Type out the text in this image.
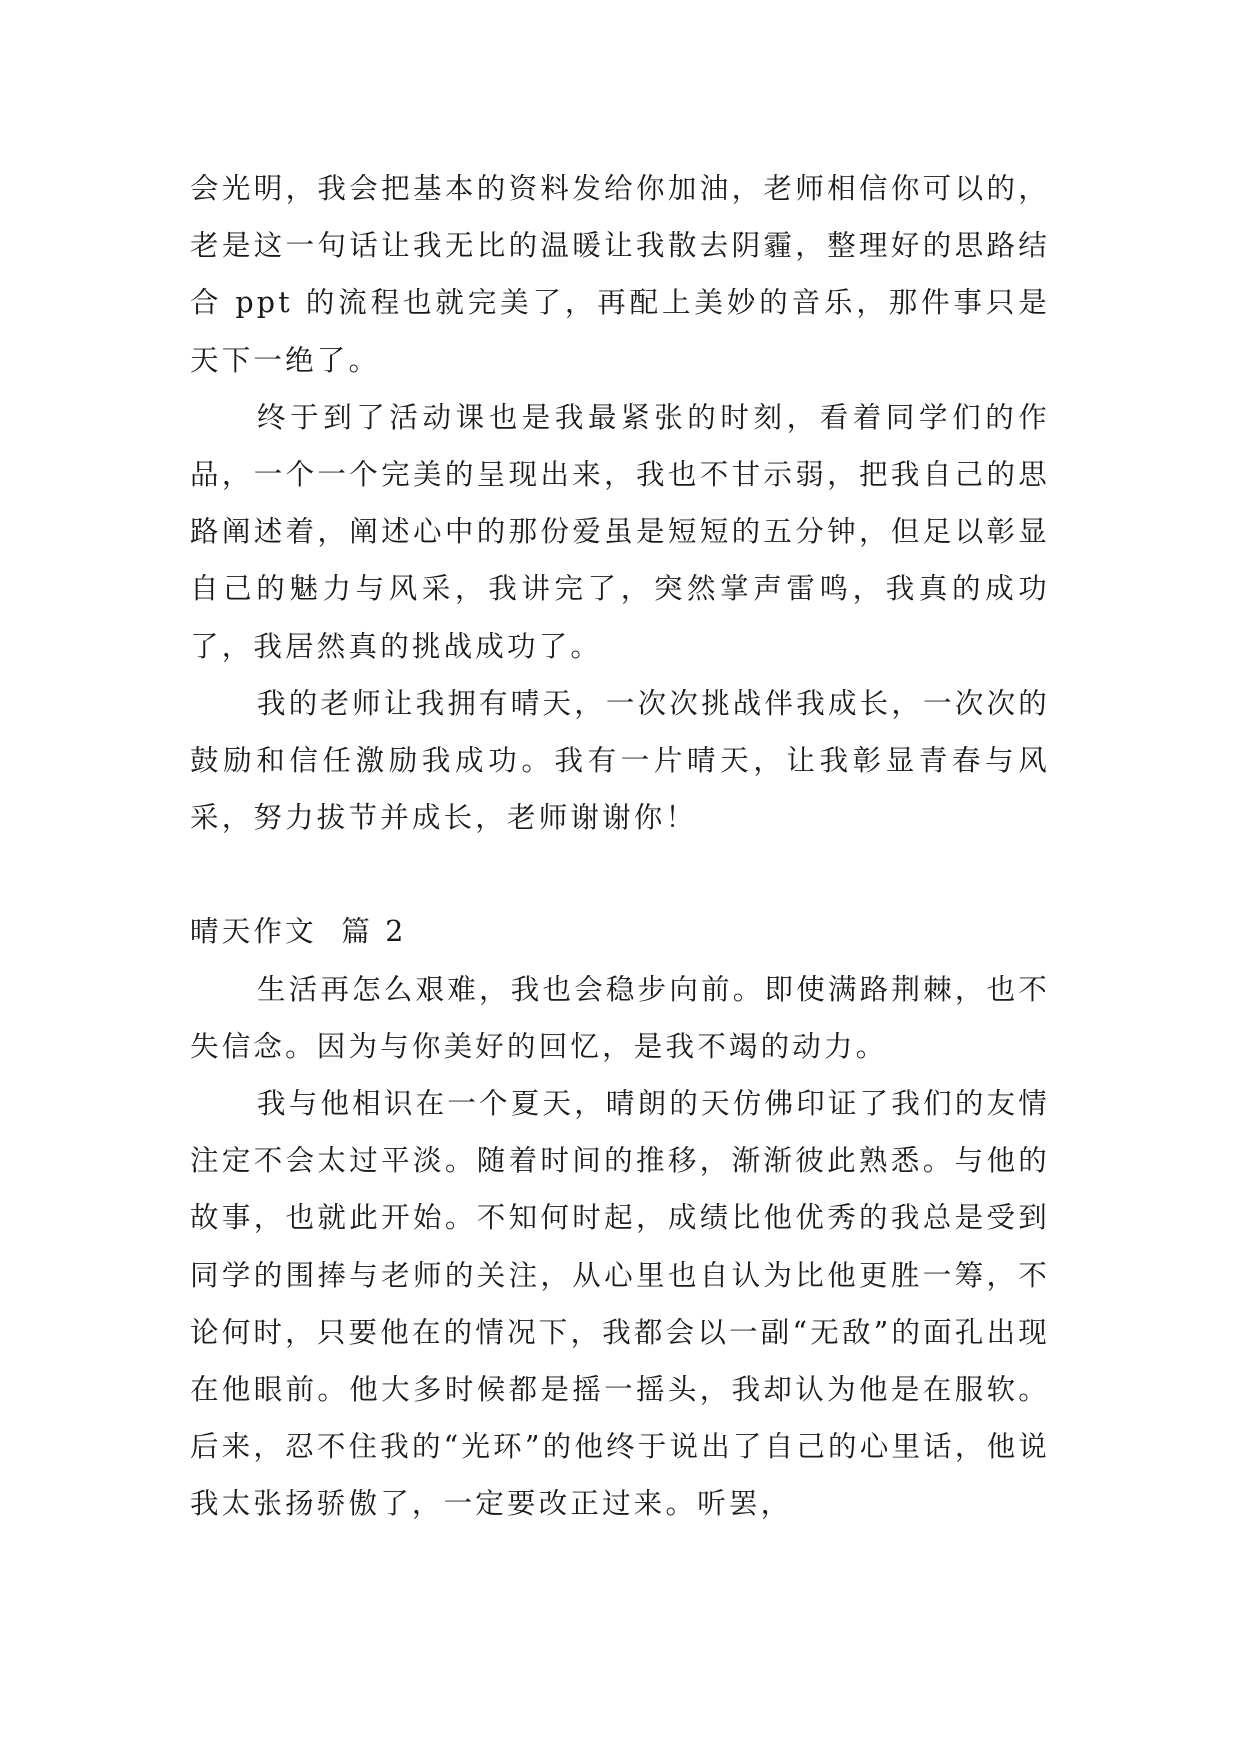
会光明，我会把基本的资料发给你加油，老师相信你可以的，老是这一句话让我无比的温暖让我散去阴霾，整理好的思路结合 ppt 的流程也就完美了，再配上美妙的音乐，那件事只是天下一绝了。

终于到了活动课也是我最紧张的时刻，看着同学们的作品，一个一个完美的呈现出来，我也不甘示弱，把我自己的思路阐述着，阐述心中的那份爱虽是短短的五分钟，但足以彰显自己的魅力与风采，我讲完了，突然掌声雷鸣，我真的成功了，我居然真的挑战成功了。

我的老师让我拥有晴天，一次次挑战伴我成长，一次次的鼓励和信任激励我成功。我有一片晴天，让我彰显青春与风采，努力拔节并成长，老师谢谢你！

晴天作文  篇 2

生活再怎么艰难，我也会稳步向前。即使满路荆棘，也不失信念。因为与你美好的回忆，是我不竭的动力。

我与他相识在一个夏天，晴朗的天仿佛印证了我们的友情注定不会太过平淡。随着时间的推移，渐渐彼此熟悉。与他的故事，也就此开始。不知何时起，成绩比他优秀的我总是受到同学的围捧与老师的关注，从心里也自认为比他更胜一筹，不论何时，只要他在的情况下，我都会以一副“无敌”的面孔出现在他眼前。他大多时候都是摇一摇头，我却认为他是在服软。后来，忍不住我的“光环”的他终于说出了自己的心里话，他说我太张扬骄傲了，一定要改正过来。听罢，
